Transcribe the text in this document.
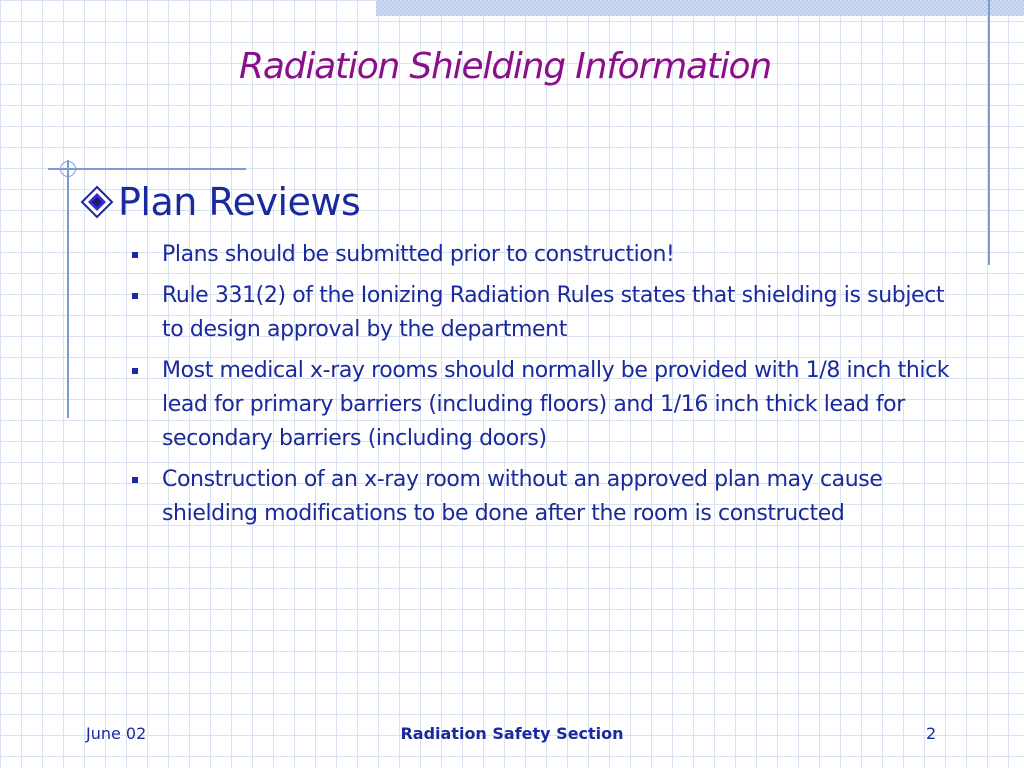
Radiation Shielding Information
Plan Reviews
Plans should be submitted prior to construction!
Rule 331(2) of the Ionizing Radiation Rules states that shielding is subject to design approval by the department
Most medical x-ray rooms should normally be provided with 1/8 inch thick lead for primary barriers (including floors) and 1/16 inch thick lead for secondary barriers (including doors)
Construction of an x-ray room without an approved plan may cause shielding modifications to be done after the room is constructed
June 02	Radiation Safety Section	2
